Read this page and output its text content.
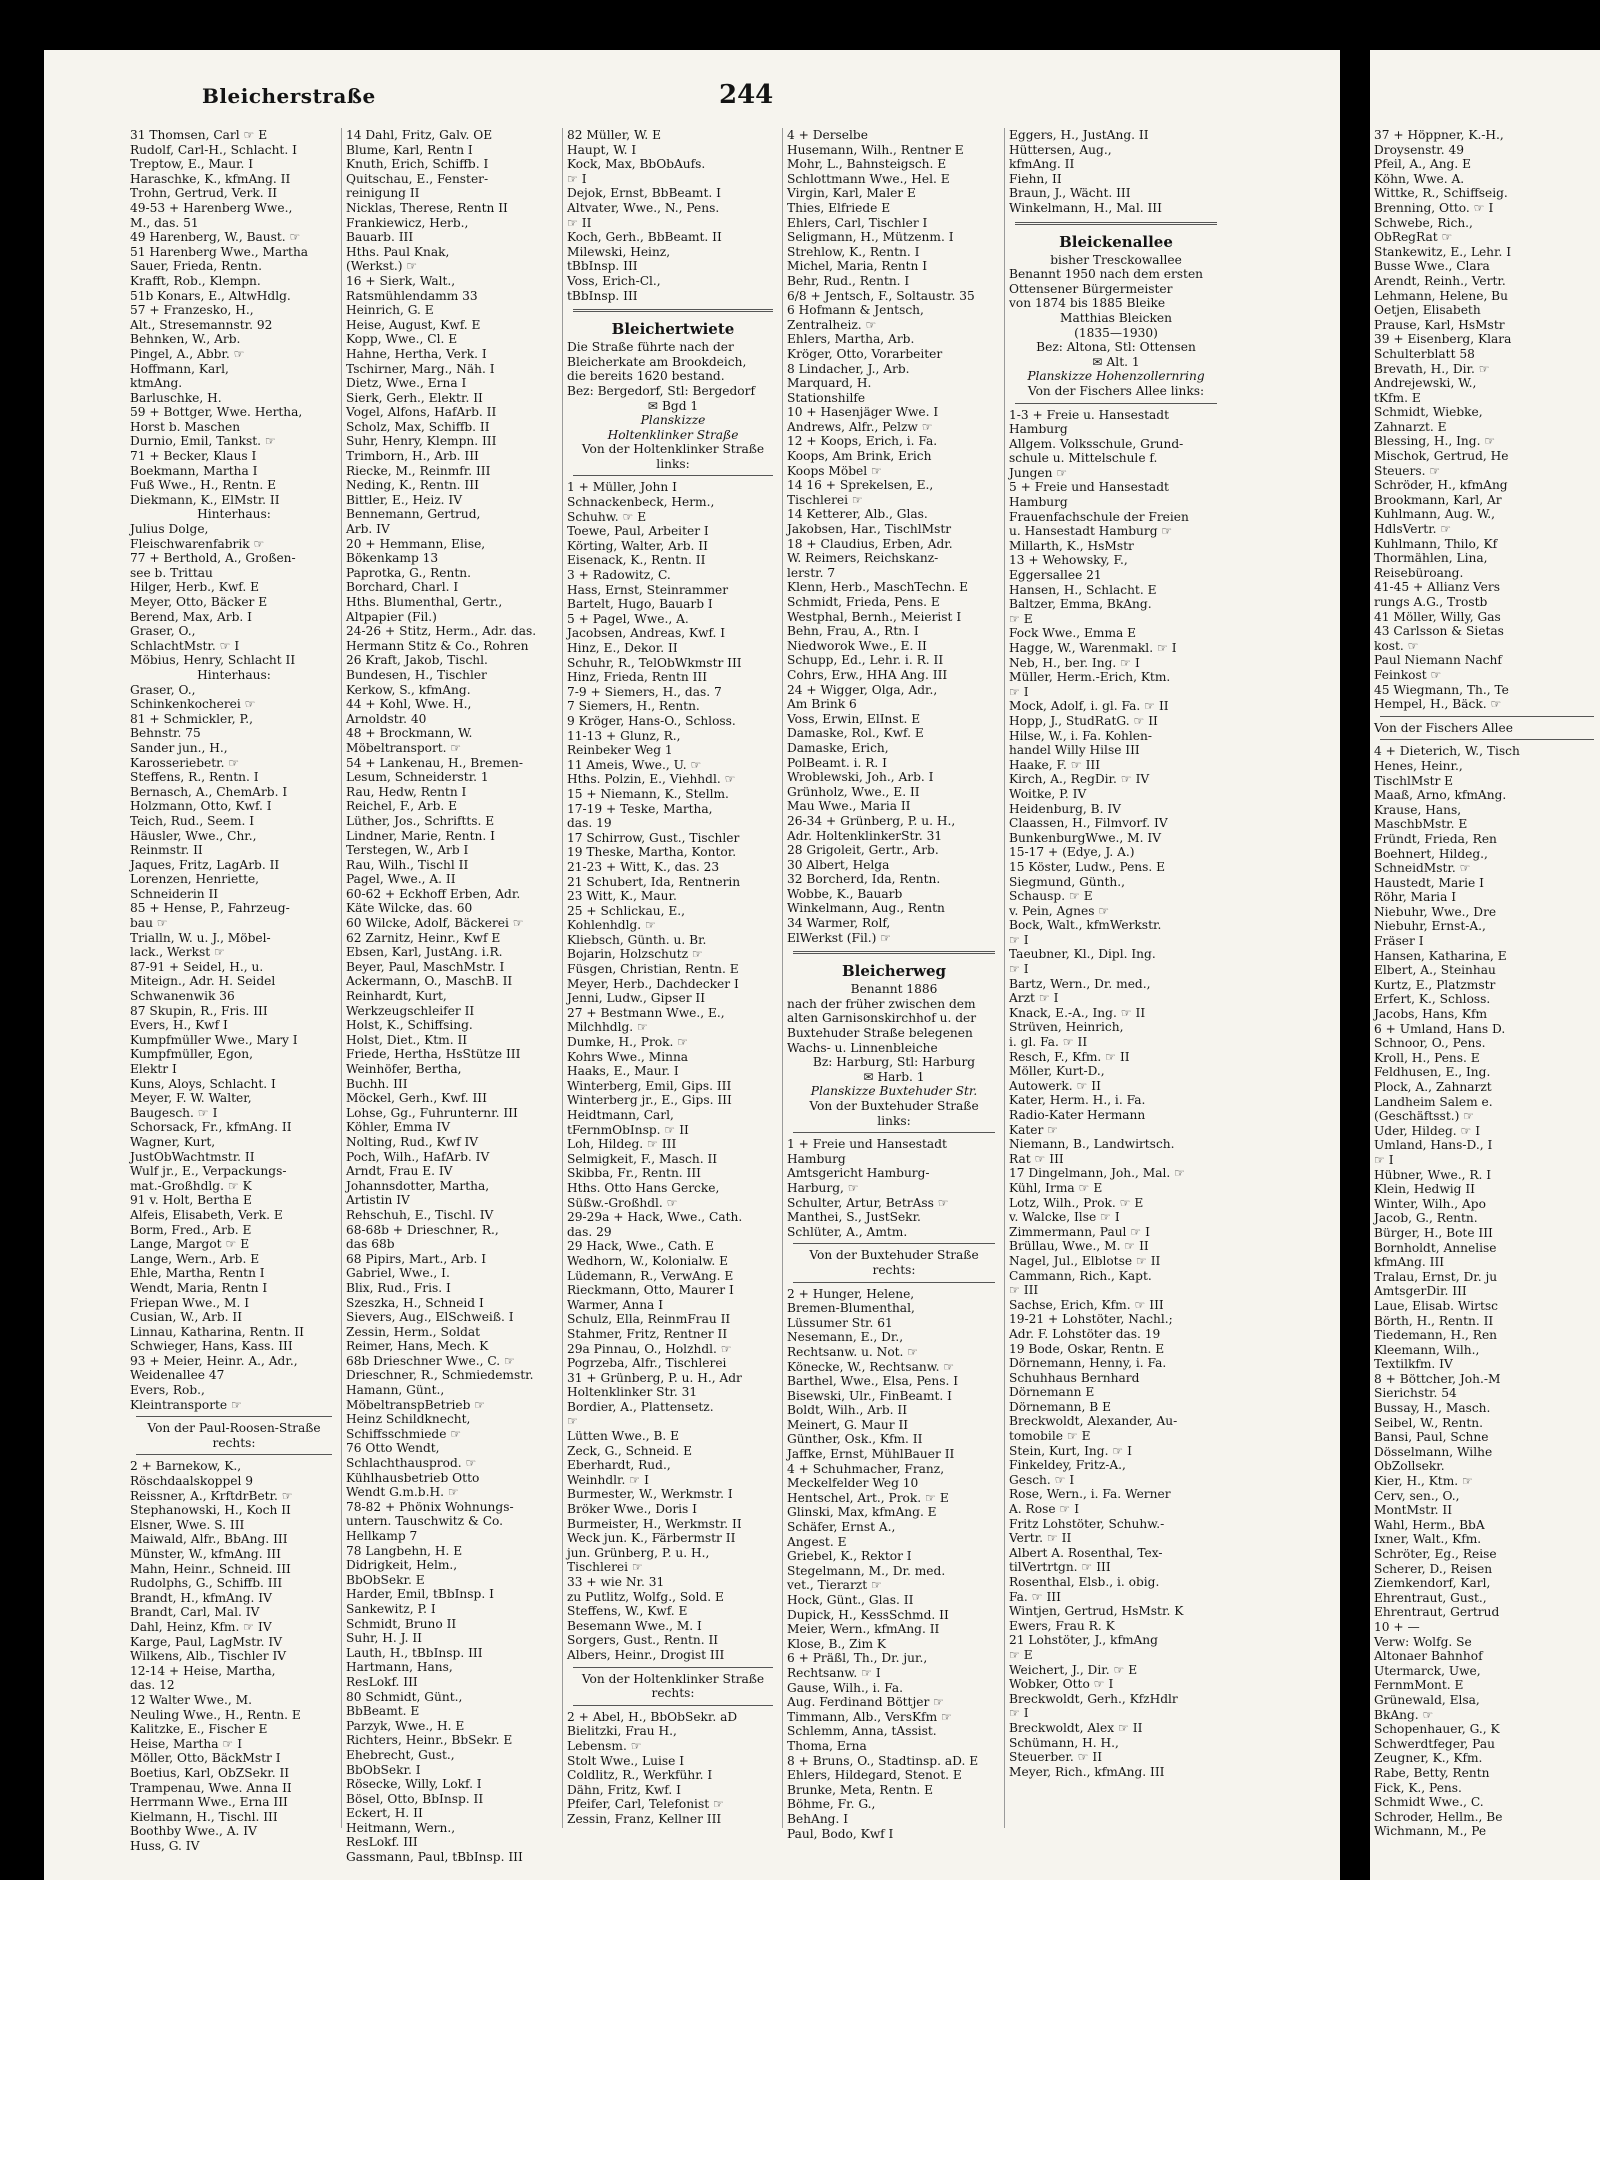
Bleicherstraße	244
31 Thomsen, Carl ☞ E
Rudolf, Carl-H., Schlacht. I
Treptow, E., Maur. I
Haraschke, K., kfmAng. II
Trohn, Gertrud, Verk. II
49-53 + Harenberg Wwe.,
M., das. 51
49 Harenberg, W., Baust. ☞
51 Harenberg Wwe., Martha
Sauer, Frieda, Rentn.
Krafft, Rob., Klempn.
51b Konars, E., AltwHdlg.
57 + Franzesko, H.,
Alt., Stresemannstr. 92
Behnken, W., Arb.
Pingel, A., Abbr. ☞
Hoffmann, Karl,
ktmAng.
Barluschke, H.
59 + Bottger, Wwe. Hertha,
Horst b. Maschen
Durnio, Emil, Tankst. ☞
71 + Becker, Klaus I
Boekmann, Martha I
Fuß Wwe., H., Rentn. E
Diekmann, K., ElMstr. II
Hinterhaus:
Julius Dolge,
Fleischwarenfabrik ☞
77 + Berthold, A., Großen-
see b. Trittau
Hilger, Herb., Kwf. E
Meyer, Otto, Bäcker E
Berend, Max, Arb. I
Graser, O.,
SchlachtMstr. ☞ I
Möbius, Henry, Schlacht II
Hinterhaus:
Graser, O.,
Schinkenkocherei ☞
81 + Schmickler, P.,
Behnstr. 75
Sander jun., H.,
Karosseriebetr. ☞
Steffens, R., Rentn. I
Bernasch, A., ChemArb. I
Holzmann, Otto, Kwf. I
Teich, Rud., Seem. I
Häusler, Wwe., Chr.,
Reinmstr. II
Jaques, Fritz, LagArb. II
Lorenzen, Henriette,
Schneiderin II
85 + Hense, P., Fahrzeug-
bau ☞
Trialln, W. u. J., Möbel-
lack., Werkst ☞
87-91 + Seidel, H., u.
Miteign., Adr. H. Seidel
Schwanenwik 36
87 Skupin, R., Fris. III
Evers, H., Kwf I
Kumpfmüller Wwe., Mary I
Kumpfmüller, Egon,
Elektr I
Kuns, Aloys, Schlacht. I
Meyer, F. W. Walter,
Baugesch. ☞ I
Schorsack, Fr., kfmAng. II
Wagner, Kurt,
JustObWachtmstr. II
Wulf jr., E., Verpackungs-
mat.-Großhdlg. ☞ K
91 v. Holt, Bertha E
Alfeis, Elisabeth, Verk. E
Borm, Fred., Arb. E
Lange, Margot ☞ E
Lange, Wern., Arb. E
Ehle, Martha, Rentn I
Wendt, Maria, Rentn I
Friepan Wwe., M. I
Cusian, W., Arb. II
Linnau, Katharina, Rentn. II
Schwieger, Hans, Kass. III
93 + Meier, Heinr. A., Adr.,
Weidenallee 47
Evers, Rob.,
Kleintransporte ☞
Von der Paul-Roosen-Straße
rechts:
2 + Barnekow, K.,
Röschdaalskoppel 9
Reissner, A., KrftdrBetr. ☞
Stephanowski, H., Koch II
Elsner, Wwe. S. III
Maiwald, Alfr., BbAng. III
Münster, W., kfmAng. III
Mahn, Heinr., Schneid. III
Rudolphs, G., Schiffb. III
Brandt, H., kfmAng. IV
Brandt, Carl, Mal. IV
Dahl, Heinz, Kfm. ☞ IV
Karge, Paul, LagMstr. IV
Wilkens, Alb., Tischler IV
12-14 + Heise, Martha,
das. 12
12 Walter Wwe., M.
Neuling Wwe., H., Rentn. E
Kalitzke, E., Fischer E
Heise, Martha ☞ I
Möller, Otto, BäckMstr I
Boetius, Karl, ObZSekr. II
Trampenau, Wwe. Anna II
Herrmann Wwe., Erna III
Kielmann, H., Tischl. III
Boothby Wwe., A. IV
Huss, G. IV
14 Dahl, Fritz, Galv. OE
Blume, Karl, Rentn I
Knuth, Erich, Schiffb. I
Quitschau, E., Fenster-
reinigung II
Nicklas, Therese, Rentn II
Frankiewicz, Herb.,
Bauarb. III
Hths. Paul Knak,
(Werkst.) ☞
16 + Sierk, Walt.,
Ratsmühlendamm 33
Heinrich, G. E
Heise, August, Kwf. E
Kopp, Wwe., Cl. E
Hahne, Hertha, Verk. I
Tschirner, Marg., Näh. I
Dietz, Wwe., Erna I
Sierk, Gerh., Elektr. II
Vogel, Alfons, HafArb. II
Scholz, Max, Schiffb. II
Suhr, Henry, Klempn. III
Trimborn, H., Arb. III
Riecke, M., Reinmfr. III
Neding, K., Rentn. III
Bittler, E., Heiz. IV
Bennemann, Gertrud,
Arb. IV
20 + Hemmann, Elise,
Bökenkamp 13
Paprotka, G., Rentn.
Borchard, Charl. I
Hths. Blumenthal, Gertr.,
Altpapier (Fil.)
24-26 + Stitz, Herm., Adr. das.
Hermann Stitz & Co., Rohren
26 Kraft, Jakob, Tischl.
Bundesen, H., Tischler
Kerkow, S., kfmAng.
44 + Kohl, Wwe. H.,
Arnoldstr. 40
48 + Brockmann, W.
Möbeltransport. ☞
54 + Lankenau, H., Bremen-
Lesum, Schneiderstr. 1
Rau, Hedw, Rentn I
Reichel, F., Arb. E
Lüther, Jos., Schriftts. E
Lindner, Marie, Rentn. I
Terstegen, W., Arb I
Rau, Wilh., Tischl II
Pagel, Wwe., A. II
60-62 + Eckhoff Erben, Adr.
Käte Wilcke, das. 60
60 Wilcke, Adolf, Bäckerei ☞
62 Zarnitz, Heinr., Kwf E
Ebsen, Karl, JustAng. i.R.
Beyer, Paul, MaschMstr. I
Ackermann, O., MaschB. II
Reinhardt, Kurt,
Werkzeugschleifer II
Holst, K., Schiffsing.
Holst, Diet., Ktm. II
Friede, Hertha, HsStütze III
Weinhöfer, Bertha,
Buchh. III
Möckel, Gerh., Kwf. III
Lohse, Gg., Fuhrunternr. III
Köhler, Emma IV
Nolting, Rud., Kwf IV
Poch, Wilh., HafArb. IV
Arndt, Frau E. IV
Johannsdotter, Martha,
Artistin IV
Rehschuh, E., Tischl. IV
68-68b + Drieschner, R.,
das 68b
68 Pipirs, Mart., Arb. I
Gabriel, Wwe., I.
Blix, Rud., Fris. I
Szeszka, H., Schneid I
Sievers, Aug., ElSchweiß. I
Zessin, Herm., Soldat
Reimer, Hans, Mech. K
68b Drieschner Wwe., C. ☞
Drieschner, R., Schmiedemstr.
Hamann, Günt.,
MöbeltranspBetrieb ☞
Heinz Schildknecht,
Schiffsschmiede ☞
76 Otto Wendt,
Schlachthausprod. ☞
Kühlhausbetrieb Otto
Wendt G.m.b.H. ☞
78-82 + Phönix Wohnungs-
untern. Tauschwitz & Co.
Hellkamp 7
78 Langbehn, H. E
Didrigkeit, Helm.,
BbObSekr. E
Harder, Emil, tBbInsp. I
Sankewitz, P. I
Schmidt, Bruno II
Suhr, H. J. II
Lauth, H., tBbInsp. III
Hartmann, Hans,
ResLokf. III
80 Schmidt, Günt.,
BbBeamt. E
Parzyk, Wwe., H. E
Richters, Heinr., BbSekr. E
Ehebrecht, Gust.,
BbObSekr. I
Rösecke, Willy, Lokf. I
Bösel, Otto, BbInsp. II
Eckert, H. II
Heitmann, Wern.,
ResLokf. III
Gassmann, Paul, tBbInsp. III
82 Müller, W. E
Haupt, W. I
Kock, Max, BbObAufs.
☞ I
Dejok, Ernst, BbBeamt. I
Altvater, Wwe., N., Pens.
☞ II
Koch, Gerh., BbBeamt. II
Milewski, Heinz,
tBbInsp. III
Voss, Erich-Cl.,
tBbInsp. III
Bleichertwiete
Die Straße führte nach der
Bleicherkate am Brookdeich,
die bereits 1620 bestand.
Bez: Bergedorf, Stl: Bergedorf
✉ Bgd 1
Planskizze
Holtenklinker Straße
Von der Holtenklinker Straße
links:
1 + Müller, John I
Schnackenbeck, Herm.,
Schuhw. ☞ E
Toewe, Paul, Arbeiter I
Körting, Walter, Arb. II
Eisenack, K., Rentn. II
3 + Radowitz, C.
Hass, Ernst, Steinrammer
Bartelt, Hugo, Bauarb I
5 + Pagel, Wwe., A.
Jacobsen, Andreas, Kwf. I
Hinz, E., Dekor. II
Schuhr, R., TelObWkmstr III
Hinz, Frieda, Rentn III
7-9 + Siemers, H., das. 7
7 Siemers, H., Rentn.
9 Kröger, Hans-O., Schloss.
11-13 + Glunz, R.,
Reinbeker Weg 1
11 Ameis, Wwe., U. ☞
Hths. Polzin, E., Viehhdl. ☞
15 + Niemann, K., Stellm.
17-19 + Teske, Martha,
das. 19
17 Schirrow, Gust., Tischler
19 Theske, Martha, Kontor.
21-23 + Witt, K., das. 23
21 Schubert, Ida, Rentnerin
23 Witt, K., Maur.
25 + Schlickau, E.,
Kohlenhdlg. ☞
Kliebsch, Günth. u. Br.
Bojarin, Holzschutz ☞
Füsgen, Christian, Rentn. E
Meyer, Herb., Dachdecker I
Jenni, Ludw., Gipser II
27 + Bestmann Wwe., E.,
Milchhdlg. ☞
Dumke, H., Prok. ☞
Kohrs Wwe., Minna
Haaks, E., Maur. I
Winterberg, Emil, Gips. III
Winterberg jr., E., Gips. III
Heidtmann, Carl,
tFernmObInsp. ☞ II
Loh, Hildeg. ☞ III
Selmigkeit, F., Masch. II
Skibba, Fr., Rentn. III
Hths. Otto Hans Gercke,
Süßw.-Großhdl. ☞
29-29a + Hack, Wwe., Cath.
das. 29
29 Hack, Wwe., Cath. E
Wedhorn, W., Kolonialw. E
Lüdemann, R., VerwAng. E
Rieckmann, Otto, Maurer I
Warmer, Anna I
Schulz, Ella, ReinmFrau II
Stahmer, Fritz, Rentner II
29a Pinnau, O., Holzhdl. ☞
Pogrzeba, Alfr., Tischlerei
31 + Grünberg, P. u. H., Adr
Holtenklinker Str. 31
Bordier, A., Plattensetz.
☞
Lütten Wwe., B. E
Zeck, G., Schneid. E
Eberhardt, Rud.,
Weinhdlr. ☞ I
Burmester, W., Werkmstr. I
Bröker Wwe., Doris I
Burmeister, H., Werkmstr. II
Weck jun. K., Färbermstr II
jun. Grünberg, P. u. H.,
Tischlerei ☞
33 + wie Nr. 31
zu Putlitz, Wolfg., Sold. E
Steffens, W., Kwf. E
Besemann Wwe., M. I
Sorgers, Gust., Rentn. II
Albers, Heinr., Drogist III
Von der Holtenklinker Straße
rechts:
2 + Abel, H., BbObSekr. aD
Bielitzki, Frau H.,
Lebensm. ☞
Stolt Wwe., Luise I
Coldlitz, R., Werkführ. I
Dähn, Fritz, Kwf. I
Pfeifer, Carl, Telefonist ☞
Zessin, Franz, Kellner III
4 + Derselbe
Husemann, Wilh., Rentner E
Mohr, L., Bahnsteigsch. E
Schlottmann Wwe., Hel. E
Virgin, Karl, Maler E
Thies, Elfriede E
Ehlers, Carl, Tischler I
Seligmann, H., Mützenm. I
Strehlow, K., Rentn. I
Michel, Maria, Rentn I
Behr, Rud., Rentn. I
6/8 + Jentsch, F., Soltaustr. 35
6 Hofmann & Jentsch,
Zentralheiz. ☞
Ehlers, Martha, Arb.
Kröger, Otto, Vorarbeiter
8 Lindacher, J., Arb.
Marquard, H.
Stationshilfe
10 + Hasenjäger Wwe. I
Andrews, Alfr., Pelzw ☞
12 + Koops, Erich, i. Fa.
Koops, Am Brink, Erich
Koops Möbel ☞
14 16 + Sprekelsen, E.,
Tischlerei ☞
14 Ketterer, Alb., Glas.
Jakobsen, Har., TischlMstr
18 + Claudius, Erben, Adr.
W. Reimers, Reichskanz-
lerstr. 7
Klenn, Herb., MaschTechn. E
Schmidt, Frieda, Pens. E
Westphal, Bernh., Meierist I
Behn, Frau, A., Rtn. I
Niedworok Wwe., E. II
Schupp, Ed., Lehr. i. R. II
Cohrs, Erw., HHA Ang. III
24 + Wigger, Olga, Adr.,
Am Brink 6
Voss, Erwin, ElInst. E
Damaske, Rol., Kwf. E
Damaske, Erich,
PolBeamt. i. R. I
Wroblewski, Joh., Arb. I
Grünholz, Wwe., E. II
Mau Wwe., Maria II
26-34 + Grünberg, P. u. H.,
Adr. HoltenklinkerStr. 31
28 Grigoleit, Gertr., Arb.
30 Albert, Helga
32 Borcherd, Ida, Rentn.
Wobbe, K., Bauarb
Winkelmann, Aug., Rentn
34 Warmer, Rolf,
ElWerkst (Fil.) ☞
Bleicherweg
Benannt 1886
nach der früher zwischen dem
alten Garnisonskirchhof u. der
Buxtehuder Straße belegenen
Wachs- u. Linnenbleiche
Bz: Harburg, Stl: Harburg
✉ Harb. 1
Planskizze Buxtehuder Str.
Von der Buxtehuder Straße
links:
1 + Freie und Hansestadt
Hamburg
Amtsgericht Hamburg-
Harburg, ☞
Schulter, Artur, BetrAss ☞
Manthei, S., JustSekr.
Schlüter, A., Amtm.
Von der Buxtehuder Straße
rechts:
2 + Hunger, Helene,
Bremen-Blumenthal,
Lüssumer Str. 61
Nesemann, E., Dr.,
Rechtsanw. u. Not. ☞
Könecke, W., Rechtsanw. ☞
Barthel, Wwe., Elsa, Pens. I
Bisewski, Ulr., FinBeamt. I
Boldt, Wilh., Arb. II
Meinert, G. Maur II
Günther, Osk., Kfm. II
Jaffke, Ernst, MühlBauer II
4 + Schuhmacher, Franz,
Meckelfelder Weg 10
Hentschel, Art., Prok. ☞ E
Glinski, Max, kfmAng. E
Schäfer, Ernst A.,
Angest. E
Griebel, K., Rektor I
Stegelmann, M., Dr. med.
vet., Tierarzt ☞
Hock, Günt., Glas. II
Dupick, H., KessSchmd. II
Meier, Wern., kfmAng. II
Klose, B., Zim K
6 + Präßl, Th., Dr. jur.,
Rechtsanw. ☞ I
Gause, Wilh., i. Fa.
Aug. Ferdinand Böttjer ☞
Timmann, Alb., VersKfm ☞
Schlemm, Anna, tAssist.
Thoma, Erna
8 + Bruns, O., Stadtinsp. aD. E
Ehlers, Hildegard, Stenot. E
Brunke, Meta, Rentn. E
Böhme, Fr. G.,
BehAng. I
Paul, Bodo, Kwf I
Eggers, H., JustAng. II
Hüttersen, Aug.,
kfmAng. II
Fiehn, II
Braun, J., Wächt. III
Winkelmann, H., Mal. III
Bleickenallee
bisher Tresckowallee
Benannt 1950 nach dem ersten
Ottensener Bürgermeister
von 1874 bis 1885 Bleike
Matthias Bleicken
(1835—1930)
Bez: Altona, Stl: Ottensen
✉ Alt. 1
Planskizze Hohenzollernring
Von der Fischers Allee links:
1-3 + Freie u. Hansestadt
Hamburg
Allgem. Volksschule, Grund-
schule u. Mittelschule f.
Jungen ☞
5 + Freie und Hansestadt
Hamburg
Frauenfachschule der Freien
u. Hansestadt Hamburg ☞
Millarth, K., HsMstr
13 + Wehowsky, F.,
Eggersallee 21
Hansen, H., Schlacht. E
Baltzer, Emma, BkAng.
☞ E
Fock Wwe., Emma E
Hagge, W., Warenmakl. ☞ I
Neb, H., ber. Ing. ☞ I
Müller, Herm.-Erich, Ktm.
☞ I
Mock, Adolf, i. gl. Fa. ☞ II
Hopp, J., StudRatG. ☞ II
Hilse, W., i. Fa. Kohlen-
handel Willy Hilse III
Haake, F. ☞ III
Kirch, A., RegDir. ☞ IV
Woitke, P. IV
Heidenburg, B. IV
Claassen, H., Filmvorf. IV
BunkenburgWwe., M. IV
15-17 + (Edye, J. A.)
15 Köster, Ludw., Pens. E
Siegmund, Günth.,
Schausp. ☞ E
v. Pein, Agnes ☞
Bock, Walt., kfmWerkstr.
☞ I
Taeubner, Kl., Dipl. Ing.
☞ I
Bartz, Wern., Dr. med.,
Arzt ☞ I
Knack, E.-A., Ing. ☞ II
Strüven, Heinrich,
i. gl. Fa. ☞ II
Resch, F., Kfm. ☞ II
Möller, Kurt-D.,
Autowerk. ☞ II
Kater, Herm. H., i. Fa.
Radio-Kater Hermann
Kater ☞
Niemann, B., Landwirtsch.
Rat ☞ III
17 Dingelmann, Joh., Mal. ☞
Kühl, Irma ☞ E
Lotz, Wilh., Prok. ☞ E
v. Walcke, Ilse ☞ I
Zimmermann, Paul ☞ I
Brüllau, Wwe., M. ☞ II
Nagel, Jul., Elblotse ☞ II
Cammann, Rich., Kapt.
☞ III
Sachse, Erich, Kfm. ☞ III
19-21 + Lohstöter, Nachl.;
Adr. F. Lohstöter das. 19
19 Bode, Oskar, Rentn. E
Dörnemann, Henny, i. Fa.
Schuhhaus Bernhard
Dörnemann E
Dörnemann, B E
Breckwoldt, Alexander, Au-
tomobile ☞ E
Stein, Kurt, Ing. ☞ I
Finkeldey, Fritz-A.,
Gesch. ☞ I
Rose, Wern., i. Fa. Werner
A. Rose ☞ I
Fritz Lohstöter, Schuhw.-
Vertr. ☞ II
Albert A. Rosenthal, Tex-
tilVertrtgn. ☞ III
Rosenthal, Elsb., i. obig.
Fa. ☞ III
Wintjen, Gertrud, HsMstr. K
Ewers, Frau R. K
21 Lohstöter, J., kfmAng
☞ E
Weichert, J., Dir. ☞ E
Wobker, Otto ☞ I
Breckwoldt, Gerh., KfzHdlr
☞ I
Breckwoldt, Alex ☞ II
Schümann, H. H.,
Steuerber. ☞ II
Meyer, Rich., kfmAng. III
37 + Höppner, K.-H.,
Droysenstr. 49
Pfeil, A., Ang. E
Köhn, Wwe. A.
Wittke, R., Schiffseig.
Brenning, Otto. ☞ I
Schwebe, Rich.,
ObRegRat ☞
Stankewitz, E., Lehr. I
Busse Wwe., Clara
Arendt, Reinh., Vertr.
Lehmann, Helene, Bu
Oetjen, Elisabeth
Prause, Karl, HsMstr
39 + Eisenberg, Klara
Schulterblatt 58
Brevath, H., Dir. ☞
Andrejewski, W.,
tKfm. E
Schmidt, Wiebke,
Zahnarzt. E
Blessing, H., Ing. ☞
Mischok, Gertrud, He
Steuers. ☞
Schröder, H., kfmAng
Brookmann, Karl, Ar
Kuhlmann, Aug. W.,
HdlsVertr. ☞
Kuhlmann, Thilo, Kf
Thormählen, Lina,
Reisebüroang.
41-45 + Allianz Vers
rungs A.G., Trostb
41 Möller, Willy, Gas
43 Carlsson & Sietas
kost. ☞
Paul Niemann Nachf
Feinkost ☞
45 Wiegmann, Th., Te
Hempel, H., Bäck. ☞
Von der Fischers Allee
4 + Dieterich, W., Tisch
Henes, Heinr.,
TischlMstr E
Maaß, Arno, kfmAng.
Krause, Hans,
MaschbMstr. E
Fründt, Frieda, Ren
Boehnert, Hildeg.,
SchneidMstr. ☞
Haustedt, Marie I
Röhr, Maria I
Niebuhr, Wwe., Dre
Niebuhr, Ernst-A.,
Fräser I
Hansen, Katharina, E
Elbert, A., Steinhau
Kurtz, E., Platzmstr
Erfert, K., Schloss.
Jacobs, Hans, Kfm
6 + Umland, Hans D.
Schnoor, O., Pens.
Kroll, H., Pens. E
Feldhusen, E., Ing.
Plock, A., Zahnarzt
Landheim Salem e.
(Geschäftsst.) ☞
Uder, Hildeg. ☞ I
Umland, Hans-D., I
☞ I
Hübner, Wwe., R. I
Klein, Hedwig II
Winter, Wilh., Apo
Jacob, G., Rentn.
Bürger, H., Bote III
Bornholdt, Annelise
kfmAng. III
Tralau, Ernst, Dr. ju
AmtsgerDir. III
Laue, Elisab. Wirtsc
Börth, H., Rentn. II
Tiedemann, H., Ren
Kleemann, Wilh.,
Textilkfm. IV
8 + Böttcher, Joh.-M
Sierichstr. 54
Bussay, H., Masch.
Seibel, W., Rentn.
Bansi, Paul, Schne
Dösselmann, Wilhe
ObZollsekr.
Kier, H., Ktm. ☞
Cerv, sen., O.,
MontMstr. II
Wahl, Herm., BbA
Ixner, Walt., Kfm.
Schröter, Eg., Reise
Scherer, D., Reisen
Ziemkendorf, Karl,
Ehrentraut, Gust.,
Ehrentraut, Gertrud
10 + —
Verw: Wolfg. Se
Altonaer Bahnhof
Utermarck, Uwe,
FernmMont. E
Grünewald, Elsa,
BkAng. ☞
Schopenhauer, G., K
Schwerdtfeger, Pau
Zeugner, K., Kfm.
Rabe, Betty, Rentn
Fick, K., Pens.
Schmidt Wwe., C.
Schroder, Hellm., Be
Wichmann, M., Pe
